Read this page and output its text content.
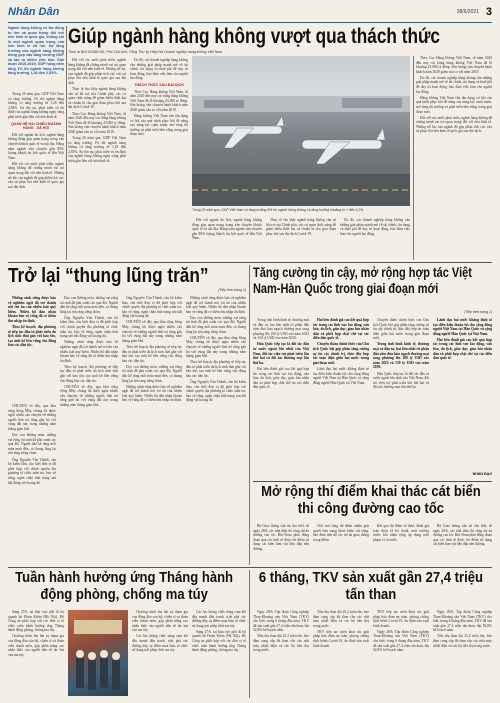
Nhân Dân	28/6/2021 3
Ngành hàng không có tác động to lớn và quan trọng đối với nền kinh tế quốc gia, không chỉ là một ngành quan trọng của nền kinh tế xã hội. Sự tăng trưởng của ngành hàng không đóng góp vào tăng trưởng GDP và tạo ra nhiều việc làm. Giai đoạn 2015-2019, GDP hàng năm tăng 1% thì ngành hàng không tăng trưởng 1,28 đến 2,83%.
Giúp ngành hàng không vượt qua thách thức
Theo ai BÙI DOÃN NỀ, Phó Chủ tịch, Tổng Thư ký Hiệp hội Doanh nghiệp hàng không Việt Nam

Trong 20 năm qua, GDP Việt Nam có tăng trưởng 1% thì ngành hàng không có tăng trưởng từ 1,28 đến 2,83%. Sự tồn tại, phát triển và ổn định của ngành hàng không ngày càng phát triển gắn liền với nền kinh tế.

QUAN HỆ HAI CHIỀU NGÀNH HÀNG - XÃ HỘI

Đối với ngành du lịch, ngành hàng không đóng góp quan trọng trong vận chuyển khách quốc tế và nội địa. Hàng năm ngành vận chuyển gần 80% lượng khách du lịch quốc tế đến Việt Nam.

Đối với các nước phát triển, ngành hàng không đã chứng minh vai trò quan trọng đối với nền kinh tế. Những nỗ lực của ngành đã góp phần tích cực vào sự phục hồi nền kinh tế quốc gia sau đại dịch.

Đối với các nước phát triển, ngành hàng không đã chứng minh vai trò quan trọng đối với nền kinh tế. Những nỗ lực của ngành đã góp phần tích cực vào sự phục hồi nền kinh tế quốc gia sau đại dịch.

Thực tế cho thấy ngành hàng không cần sự hỗ trợ của Chính phủ, các cơ quan chức năng để giảm thiểu thiệt hại và chuẩn bị cho giai đoạn phục hồi sau đại dịch Covid-19.

Theo Cục Hàng không Việt Nam, từ năm 2020 đến nay các hãng hàng không Việt Nam đã lỗ khoảng 23.000 tỷ đồng. Sản lượng vận chuyển hành khách năm 2020 giảm sâu so với năm 2019.

Trong 20 năm qua, GDP Việt Nam có tăng trưởng 1% thì ngành hàng không có tăng trưởng từ 1,28 đến 2,83%. Sự tồn tại, phát triển và ổn định của ngành hàng không ngày càng phát triển gắn liền với nền kinh tế.

Do đó, các doanh nghiệp hàng không cần những giải pháp mạnh mẽ về tài chính, tín dụng và thuế phí để duy trì hoạt động, bảo đảm việc làm cho người lao động.

THÁCH THỨC SAU ĐẠI DỊCH

Theo Cục Hàng không Việt Nam, từ năm 2020 đến nay các hãng hàng không Việt Nam đã lỗ khoảng 23.000 tỷ đồng. Sản lượng vận chuyển hành khách năm 2020 giảm sâu so với năm 2019.

Hàng không Việt Nam cần tận dụng cơ hội của quá trình phục hồi để nâng cao năng lực cạnh tranh, mở rộng thị trường và phát triển bền vững trong giai đoạn mới.

Trong 20 năm qua, GDP Việt Nam có tăng trưởng 5% thì ngành hàng không có tăng trưởng khoảng từ 1 đến 3,2%.

Đối với ngành du lịch, ngành hàng không đóng góp quan trọng trong vận chuyển khách quốc tế và nội địa. Hàng năm ngành vận chuyển gần 80% lượng khách du lịch quốc tế đến Việt Nam.

Thực tế cho thấy ngành hàng không cần sự hỗ trợ của Chính phủ, các cơ quan chức năng để giảm thiểu thiệt hại và chuẩn bị cho giai đoạn phục hồi sau đại dịch Covid-19.

Do đó, các doanh nghiệp hàng không cần những giải pháp mạnh mẽ về tài chính, tín dụng và thuế phí để duy trì hoạt động, bảo đảm việc làm cho người lao động.

Theo Cục Hàng không Việt Nam, từ năm 2020 đến nay các hãng hàng không Việt Nam đã lỗ khoảng 23.000 tỷ đồng. Sản lượng vận chuyển hành khách năm 2020 giảm sâu so với năm 2019.

Do đó, các doanh nghiệp hàng không cần những giải pháp mạnh mẽ về tài chính, tín dụng và thuế phí để duy trì hoạt động, bảo đảm việc làm cho người lao động.

Hàng không Việt Nam cần tận dụng cơ hội của quá trình phục hồi để nâng cao năng lực cạnh tranh, mở rộng thị trường và phát triển bền vững trong giai đoạn mới.

Đối với các nước phát triển, ngành hàng không đã chứng minh vai trò quan trọng đối với nền kinh tế. Những nỗ lực của ngành đã góp phần tích cực vào sự phục hồi nền kinh tế quốc gia sau đại dịch.

Trở lại “thung lũng trăn”
(Tiếp theo trang 1)

Những cánh rừng được bảo vệ nghiêm ngặt đã trở thành nơi trú ẩn của nhiều loài quý hiếm. Nhiều hộ dân nhận khoán bảo vệ rừng đã có thêm thu nhập ổn định.

Theo kế hoạch, địa phương sẽ tiếp tục đầu tư phát triển du lịch sinh thái gắn với bảo tồn, tạo sinh kế bền vững cho đồng bào các dân tộc.

CHUYẾN về đây, qua khu rừng Sông Mây, chúng tôi được nghe nhiều câu chuyện về những người lính trẻ từng gắn bó với vùng đất này trong những năm tháng gian khổ.

Dọc con đường mòn, những vạt rừng tái sinh đã phủ xanh các quả đồi. Người dân kể rằng mỗi mùa mưa đến, cả thung lũng lại rộn ràng tiếng chim.

Ông Nguyễn Văn Thành, cán bộ kiểm lâm, cho biết đơn vị đã phối hợp với chính quyền địa phương tổ chức tuần tra, bảo vệ rừng, ngăn chặn tình trạng săn bắt động vật hoang dã.

Dọc con đường mòn, những vạt rừng tái sinh đã phủ xanh các quả đồi. Người dân kể rằng mỗi mùa mưa đến, cả thung lũng lại rộn ràng tiếng chim.

Ông Nguyễn Văn Thành, cán bộ kiểm lâm, cho biết đơn vị đã phối hợp với chính quyền địa phương tổ chức tuần tra, bảo vệ rừng, ngăn chặn tình trạng săn bắt động vật hoang dã.

Những cánh rừng được bảo vệ nghiêm ngặt đã trở thành nơi trú ẩn của nhiều loài quý hiếm. Nhiều hộ dân nhận khoán bảo vệ rừng đã có thêm thu nhập ổn định.

Theo kế hoạch, địa phương sẽ tiếp tục đầu tư phát triển du lịch sinh thái gắn với bảo tồn, tạo sinh kế bền vững cho đồng bào các dân tộc.

CHUYẾN về đây, qua khu rừng Sông Mây, chúng tôi được nghe nhiều câu chuyện về những người lính trẻ từng gắn bó với vùng đất này trong những năm tháng gian khổ.

Ông Nguyễn Văn Thành, cán bộ kiểm lâm, cho biết đơn vị đã phối hợp với chính quyền địa phương tổ chức tuần tra, bảo vệ rừng, ngăn chặn tình trạng săn bắt động vật hoang dã.

CHUYẾN về đây, qua khu rừng Sông Mây, chúng tôi được nghe nhiều câu chuyện về những người lính trẻ từng gắn bó với vùng đất này trong những năm tháng gian khổ.

Theo kế hoạch, địa phương sẽ tiếp tục đầu tư phát triển du lịch sinh thái gắn với bảo tồn, tạo sinh kế bền vững cho đồng bào các dân tộc.

Dọc con đường mòn, những vạt rừng tái sinh đã phủ xanh các quả đồi. Người dân kể rằng mỗi mùa mưa đến, cả thung lũng lại rộn ràng tiếng chim.

Những cánh rừng được bảo vệ nghiêm ngặt đã trở thành nơi trú ẩn của nhiều loài quý hiếm. Nhiều hộ dân nhận khoán bảo vệ rừng đã có thêm thu nhập ổn định.

Những cánh rừng được bảo vệ nghiêm ngặt đã trở thành nơi trú ẩn của nhiều loài quý hiếm. Nhiều hộ dân nhận khoán bảo vệ rừng đã có thêm thu nhập ổn định.

Dọc con đường mòn, những vạt rừng tái sinh đã phủ xanh các quả đồi. Người dân kể rằng mỗi mùa mưa đến, cả thung lũng lại rộn ràng tiếng chim.

CHUYẾN về đây, qua khu rừng Sông Mây, chúng tôi được nghe nhiều câu chuyện về những người lính trẻ từng gắn bó với vùng đất này trong những năm tháng gian khổ.

Theo kế hoạch, địa phương sẽ tiếp tục đầu tư phát triển du lịch sinh thái gắn với bảo tồn, tạo sinh kế bền vững cho đồng bào các dân tộc.

Ông Nguyễn Văn Thành, cán bộ kiểm lâm, cho biết đơn vị đã phối hợp với chính quyền địa phương tổ chức tuần tra, bảo vệ rừng, ngăn chặn tình trạng săn bắt động vật hoang dã.

Tăng cường tin cậy, mở rộng hợp tác Việt Nam-Hàn Quốc trong giai đoạn mới
(Tiếp theo trang 1)

Trong tình hình kinh tế, thương mại và đầu tư, hai bên nhất trí phấn đấu sớm đưa kim ngạch thương mại song phương lên 100 tỷ USD vào năm 2023 và 150 tỷ USD vào năm 2030.

Hàn Quốc tiếp tục là đối tác đầu tư nước ngoài lớn nhất của Việt Nam, đối tác viện trợ phát triển lớn thứ hai và đối tác thương mại lớn thứ ba.

Hai bên đánh giá cao kết quả hợp tác trong các lĩnh vực lao động, văn hóa, du lịch, giáo dục, giao lưu nhân dân và phối hợp chặt chẽ tại các diễn đàn quốc tế.

Hai bên đánh giá cao kết quả hợp tác trong các lĩnh vực lao động, văn hóa, du lịch, giáo dục, giao lưu nhân dân và phối hợp chặt chẽ tại các diễn đàn quốc tế.

Chuyến thăm chính thức của Chủ tịch Quốc hội góp phần tăng cường sự tin cậy chính trị, thúc đẩy hợp tác toàn diện giữa hai nước trong giai đoạn mới.

Lãnh đạo hai nước khẳng định sẽ tạo điều kiện thuận lợi cho cộng đồng người Việt Nam tại Hàn Quốc và cộng đồng người Hàn Quốc tại Việt Nam.

Chuyến thăm chính thức của Chủ tịch Quốc hội góp phần tăng cường sự tin cậy chính trị, thúc đẩy hợp tác toàn diện giữa hai nước trong giai đoạn mới.

Trong tình hình kinh tế, thương mại và đầu tư, hai bên nhất trí phấn đấu sớm đưa kim ngạch thương mại song phương lên 100 tỷ USD vào năm 2023 và 150 tỷ USD vào năm 2030.

Hàn Quốc tiếp tục là đối tác đầu tư nước ngoài lớn nhất của Việt Nam, đối tác viện trợ phát triển lớn thứ hai và đối tác thương mại lớn thứ ba.

Lãnh đạo hai nước khẳng định sẽ tạo điều kiện thuận lợi cho cộng đồng người Việt Nam tại Hàn Quốc và cộng đồng người Hàn Quốc tại Việt Nam.

Hai bên đánh giá cao kết quả hợp tác trong các lĩnh vực lao động, văn hóa, du lịch, giáo dục, giao lưu nhân dân và phối hợp chặt chẽ tại các diễn đàn quốc tế.

NHÂN ĐẠO
Mở rộng thí điểm khai thác cát biển thi công đường cao tốc

Bộ Giao thông vận tải cho biết, từ ngày 28/6, các nhà thầu thi công dự án đường cao tốc Bắc-Nam phía đông đoạn qua các tỉnh sẽ được thí điểm sử dụng cát biển làm vật liệu đắp nền đường.

Việc mở rộng thí điểm nhằm giải quyết tình trạng khan hiếm cát sông, bảo đảm tiến độ các dự án giao thông trọng điểm.

Kết quả thí điểm sẽ được đánh giá toàn diện về kỹ thuật, môi trường trước khi nhân rộng áp dụng trên phạm vi cả nước.

Bộ Giao thông vận tải cho biết, từ ngày 28/6, các nhà thầu thi công dự án đường cao tốc Bắc-Nam phía đông đoạn qua các tỉnh sẽ được thí điểm sử dụng cát biển làm vật liệu đắp nền đường.

Tuần hành hưởng ứng Tháng hành động phòng, chống ma túy

Sáng 27/6, tại khu vực phố đi bộ quanh hồ Hoàn Kiếm (Hà Nội), Bộ Công an phối hợp với các đơn vị tổ chức tuần hành hưởng ứng Tháng hành động phòng, chống ma túy.

Chương trình thu hút sự tham gia của đông đảo cán bộ, chiến sĩ và đoàn viên thanh niên, góp phần nâng cao nhận thức của người dân về tác hại của ma túy.

Chương trình thu hút sự tham gia của đông đảo cán bộ, chiến sĩ và đoàn viên thanh niên, góp phần nâng cao nhận thức của người dân về tác hại của ma túy.

Các lực lượng chức năng cam kết đẩy mạnh đấu tranh, triệt phá các đường dây, tụ điểm mua bán, tổ chức sử dụng trái phép chất ma túy.

Các lực lượng chức năng cam kết đẩy mạnh đấu tranh, triệt phá các đường dây, tụ điểm mua bán, tổ chức sử dụng trái phép chất ma túy.

Sáng 27/6, tại khu vực phố đi bộ quanh hồ Hoàn Kiếm (Hà Nội), Bộ Công an phối hợp với các đơn vị tổ chức tuần hành hưởng ứng Tháng hành động phòng, chống ma túy.

6 tháng, TKV sản xuất gần 27,4 triệu tấn than

Ngày 28/6, Tập đoàn Công nghiệp Than-Khoáng sản Việt Nam (TKV) cho biết, trong 6 tháng đầu năm, TKV đã sản xuất gần 27,4 triệu tấn than, đạt 52,8% kế hoạch năm.

Tiêu thụ than đạt 25,2 triệu tấn, bảo đảm cung cấp đủ than cho các nhà máy nhiệt điện và các hộ tiêu thụ trong nước.

Tiêu thụ than đạt 25,2 triệu tấn, bảo đảm cung cấp đủ than cho các nhà máy nhiệt điện và các hộ tiêu thụ trong nước.

TKV tiếp tục triển khai các giải pháp bảo đảm an toàn, phòng chống dịch bệnh Covid-19, ổn định sản xuất kinh doanh.

TKV tiếp tục triển khai các giải pháp bảo đảm an toàn, phòng chống dịch bệnh Covid-19, ổn định sản xuất kinh doanh.

Ngày 28/6, Tập đoàn Công nghiệp Than-Khoáng sản Việt Nam (TKV) cho biết, trong 6 tháng đầu năm, TKV đã sản xuất gần 27,4 triệu tấn than, đạt 52,8% kế hoạch năm.

Ngày 28/6, Tập đoàn Công nghiệp Than-Khoáng sản Việt Nam (TKV) cho biết, trong 6 tháng đầu năm, TKV đã sản xuất gần 27,4 triệu tấn than, đạt 52,8% kế hoạch năm.

Tiêu thụ than đạt 25,2 triệu tấn, bảo đảm cung cấp đủ than cho các nhà máy nhiệt điện và các hộ tiêu thụ trong nước.
